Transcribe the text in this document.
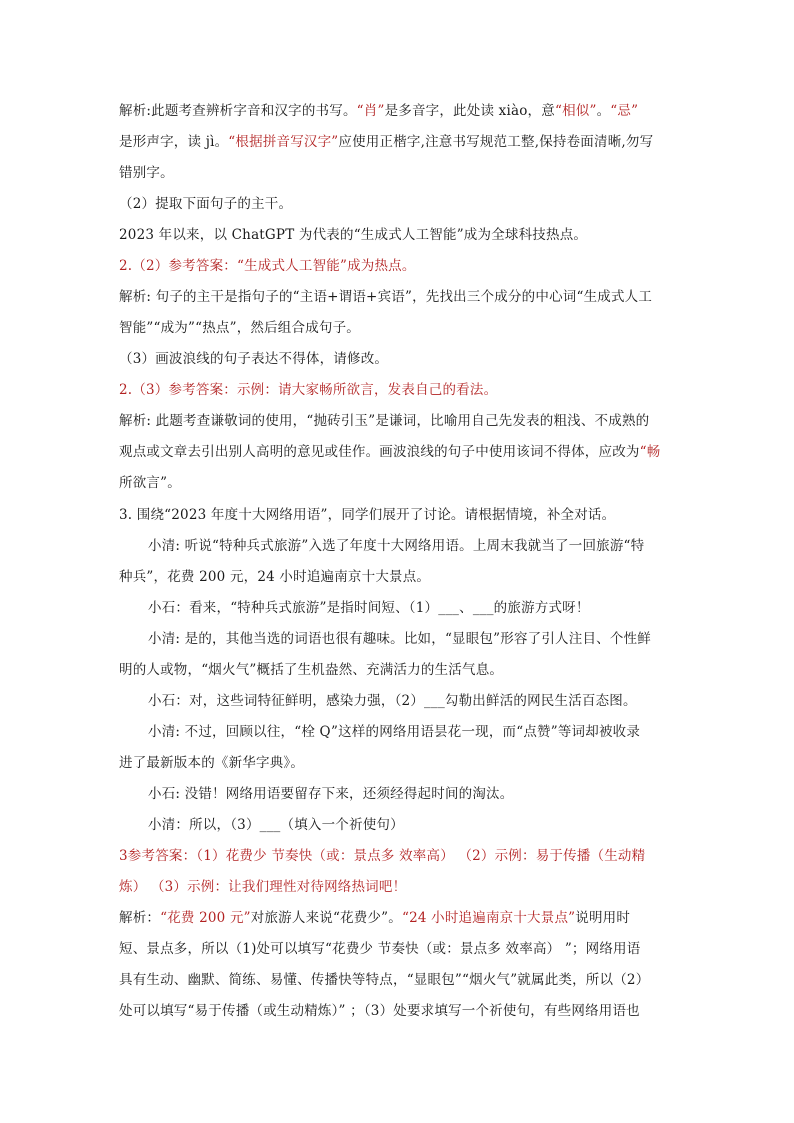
解析:此题考查辨析字音和汉字的书写。“肖”是多音字，此处读 xiào，意“相似”。“忌”
是形声字，读 jì。“根据拼音写汉字”应使用正楷字,注意书写规范工整,保持卷面清晰,勿写
错别字。
（2）提取下面句子的主干。
2023 年以来，以 ChatGPT 为代表的“生成式人工智能”成为全球科技热点。
2.（2）参考答案：“生成式人工智能”成为热点。
解析: 句子的主干是指句子的“主语+谓语+宾语”，先找出三个成分的中心词“生成式人工
智能”“成为”“热点”，然后组合成句子。
（3）画波浪线的句子表达不得体，请修改。
2.（3）参考答案：示例：请大家畅所欲言，发表自己的看法。
解析: 此题考查谦敬词的使用，“抛砖引玉”是谦词，比喻用自己先发表的粗浅、不成熟的
观点或文章去引出别人高明的意见或佳作。画波浪线的句子中使用该词不得体，应改为“畅
所欲言”。
3. 围绕“2023 年度十大网络用语”，同学们展开了讨论。请根据情境，补全对话。
小清: 听说“特种兵式旅游”入选了年度十大网络用语。上周末我就当了一回旅游“特
种兵”，花费 200 元，24 小时追遍南京十大景点。
小石：看来，“特种兵式旅游”是指时间短、（1）___、___的旅游方式呀！
小清: 是的，其他当选的词语也很有趣味。比如，“显眼包”形容了引人注目、个性鲜
明的人或物，“烟火气”概括了生机盎然、充满活力的生活气息。
小石：对，这些词特征鲜明，感染力强，（2）___勾勒出鲜活的网民生活百态图。
小清: 不过，回顾以往，“栓 Q”这样的网络用语昙花一现，而“点赞”等词却被收录
进了最新版本的《新华字典》。
小石: 没错！网络用语要留存下来，还须经得起时间的淘汰。
小清：所以，（3）___（填入一个祈使句）
3参考答案：（1）花费少 节奏快（或：景点多 效率高） （2）示例：易于传播（生动精
炼） （3）示例：让我们理性对待网络热词吧！
解析：“花费 200 元”对旅游人来说“花费少”。“24 小时追遍南京十大景点”说明用时
短、景点多，所以（1)处可以填写“花费少 节奏快（或：景点多 效率高） ”；网络用语
具有生动、幽默、简练、易懂、传播快等特点，“显眼包”“烟火气”就属此类，所以（2）
处可以填写“易于传播（或生动精炼）” ；（3）处要求填写一个祈使句，有些网络用语也
